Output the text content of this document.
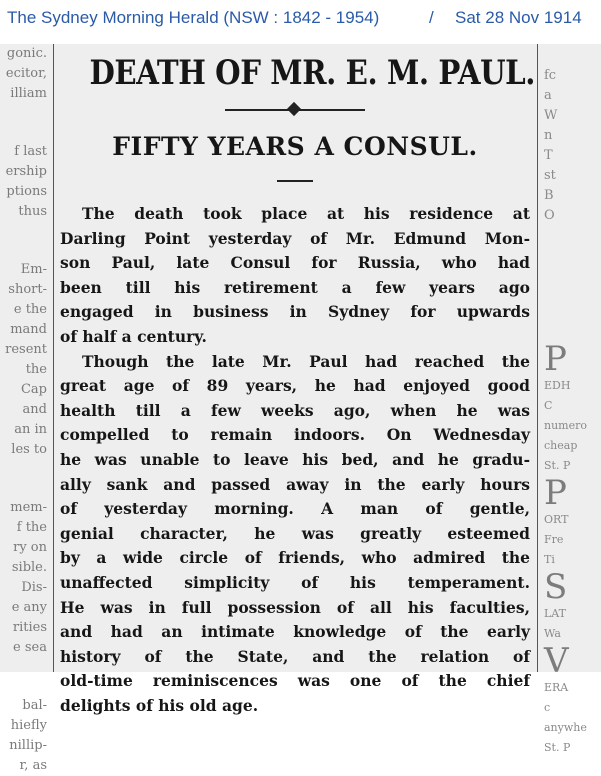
The Sydney Morning Herald (NSW : 1842 - 1954)	/ Sat 28 Nov 1914
gonic.
ecitor,
illiam
f last
ership
ptions
thus
Em-
short-
e the
mand
resent
the
Cap
and
an in
les to
mem-
f the
ry on
sible.
Dis-
e any
rities
e sea
bal-
hiefly
nillip-
r, as
DEATH OF MR. E. M. PAUL.
FIFTY YEARS A CONSUL.
The death took place at his residence at
Darling Point yesterday of Mr. Edmund Mon-
son Paul, late Consul for Russia, who had
been till his retirement a few years ago
engaged in business in Sydney for upwards
of half a century.
Though the late Mr. Paul had reached the
great age of 89 years, he had enjoyed good
health till a few weeks ago, when he was
compelled to remain indoors. On Wednesday
he was unable to leave his bed, and he gradu-
ally sank and passed away in the early hours
of yesterday morning. A man of gentle,
genial character, he was greatly esteemed
by a wide circle of friends, who admired the
unaffected simplicity of his temperament.
He was in full possession of all his faculties,
and had an intimate knowledge of the early
history of the State, and the relation of
old-time reminiscences was one of the chief
delights of his old age.
fc
a
W
n
T
st
B
O
P
EDH
C
numero
cheap
St. P
P
ORT
Fre
Ti
S
LAT
Wa
V
ERA
c
anywhe
St. P
